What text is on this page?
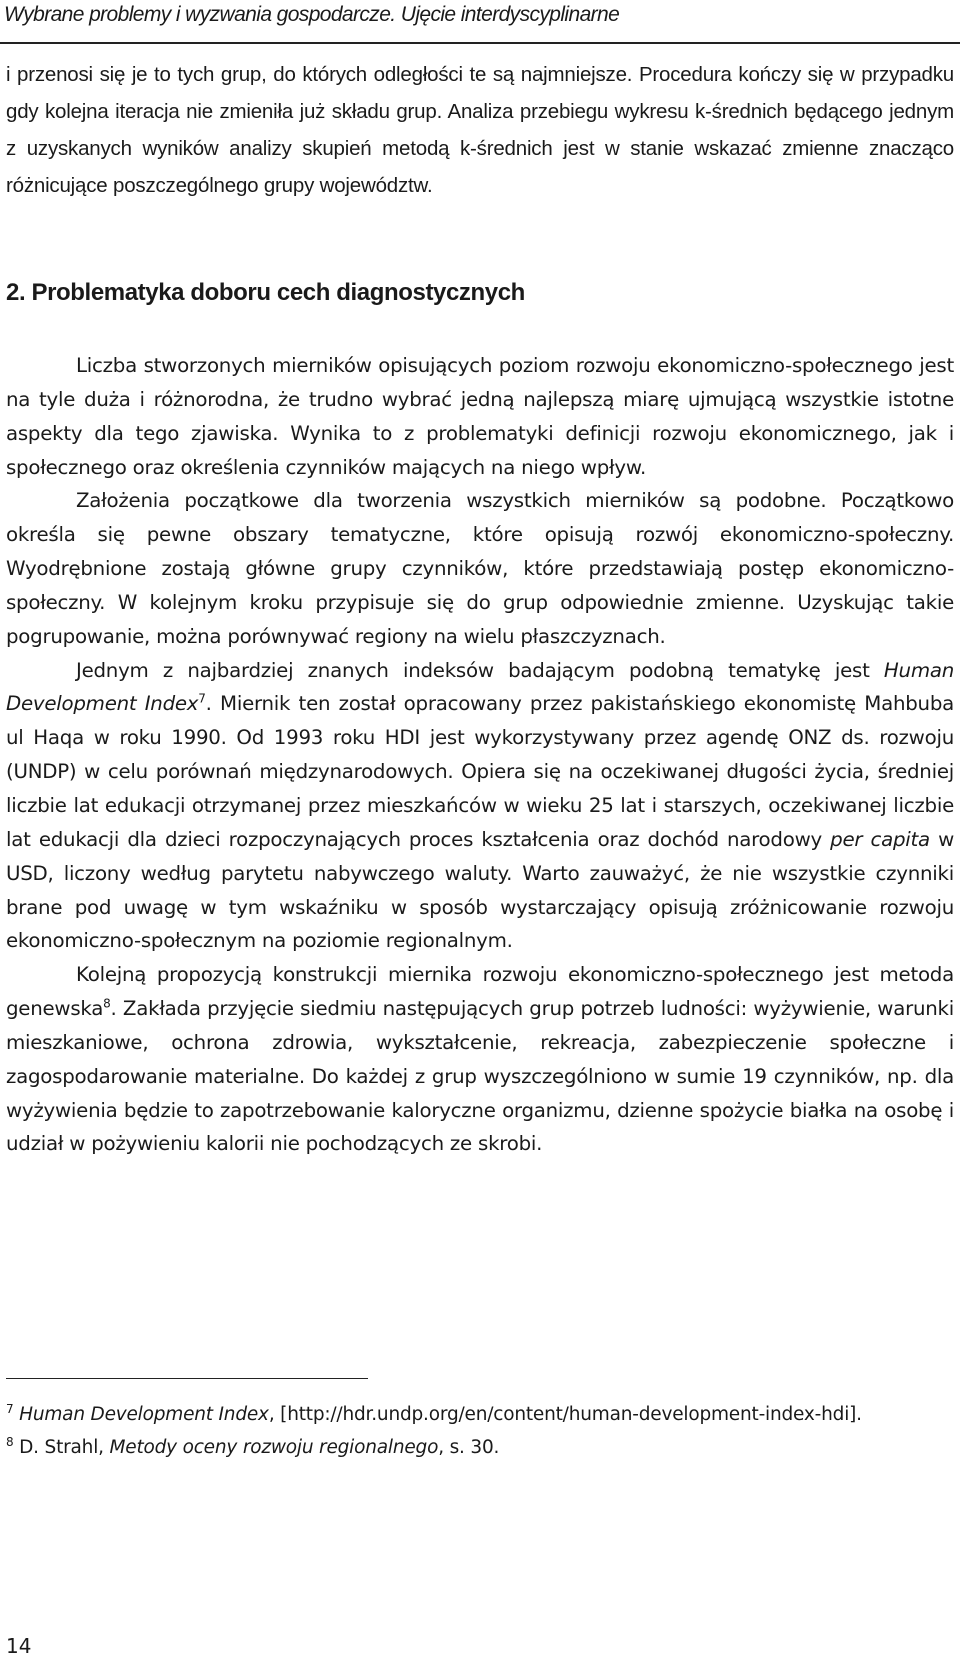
Wybrane problemy i wyzwania gospodarcze. Ujęcie interdyscyplinarne

i przenosi się je to tych grup, do których odległości te są najmniejsze. Procedura kończy się w przypadku gdy kolejna iteracja nie zmieniła już składu grup. Analiza przebiegu wykresu k-średnich będącego jednym z uzyskanych wyników analizy skupień metodą k-średnich jest w stanie wskazać zmienne znacząco różnicujące poszczególnego grupy województw.

2. Problematyka doboru cech diagnostycznych

Liczba stworzonych mierników opisujących poziom rozwoju ekonomiczno-społecznego jest na tyle duża i różnorodna, że trudno wybrać jedną najlepszą miarę ujmującą wszystkie istotne aspekty dla tego zjawiska. Wynika to z problematyki definicji rozwoju ekonomicznego, jak i społecznego oraz określenia czynników mających na niego wpływ.

Założenia początkowe dla tworzenia wszystkich mierników są podobne. Początkowo określa się pewne obszary tematyczne, które opisują rozwój ekonomiczno-społeczny. Wyodrębnione zostają główne grupy czynników, które przedstawiają postęp ekonomiczno-społeczny. W kolejnym kroku przypisuje się do grup odpowiednie zmienne. Uzyskując takie pogrupowanie, można porównywać regiony na wielu płaszczyznach.

Jednym z najbardziej znanych indeksów badającym podobną tematykę jest Human Development Index$^7$. Miernik ten został opracowany przez pakistańskiego ekonomistę Mahbuba ul Haqa w roku 1990. Od 1993 roku HDI jest wykorzystywany przez agendę ONZ ds. rozwoju (UNDP) w celu porównań międzynarodowych. Opiera się na oczekiwanej długości życia, średniej liczbie lat edukacji otrzymanej przez mieszkańców w wieku 25 lat i starszych, oczekiwanej liczbie lat edukacji dla dzieci rozpoczynających proces kształcenia oraz dochód narodowy per capita w USD, liczony według parytetu nabywczego waluty. Warto zauważyć, że nie wszystkie czynniki brane pod uwagę w tym wskaźniku w sposób wystarczający opisują zróżnicowanie rozwoju ekonomiczno-społecznym na poziomie regionalnym.

Kolejną propozycją konstrukcji miernika rozwoju ekonomiczno-społecznego jest metoda genewska$^8$. Zakłada przyjęcie siedmiu następujących grup potrzeb ludności: wyżywienie, warunki mieszkaniowe, ochrona zdrowia, wykształcenie, rekreacja, zabezpieczenie społeczne i zagospodarowanie materialne. Do każdej z grup wyszczególniono w sumie 19 czynników, np. dla wyżywienia będzie to zapotrzebowanie kaloryczne organizmu, dzienne spożycie białka na osobę i udział w pożywieniu kalorii nie pochodzących ze skrobi.

$^7$ Human Development Index, [http://hdr.undp.org/en/content/human-development-index-hdi].

$^8$ D. Strahl, Metody oceny rozwoju regionalnego, s. 30.

14
